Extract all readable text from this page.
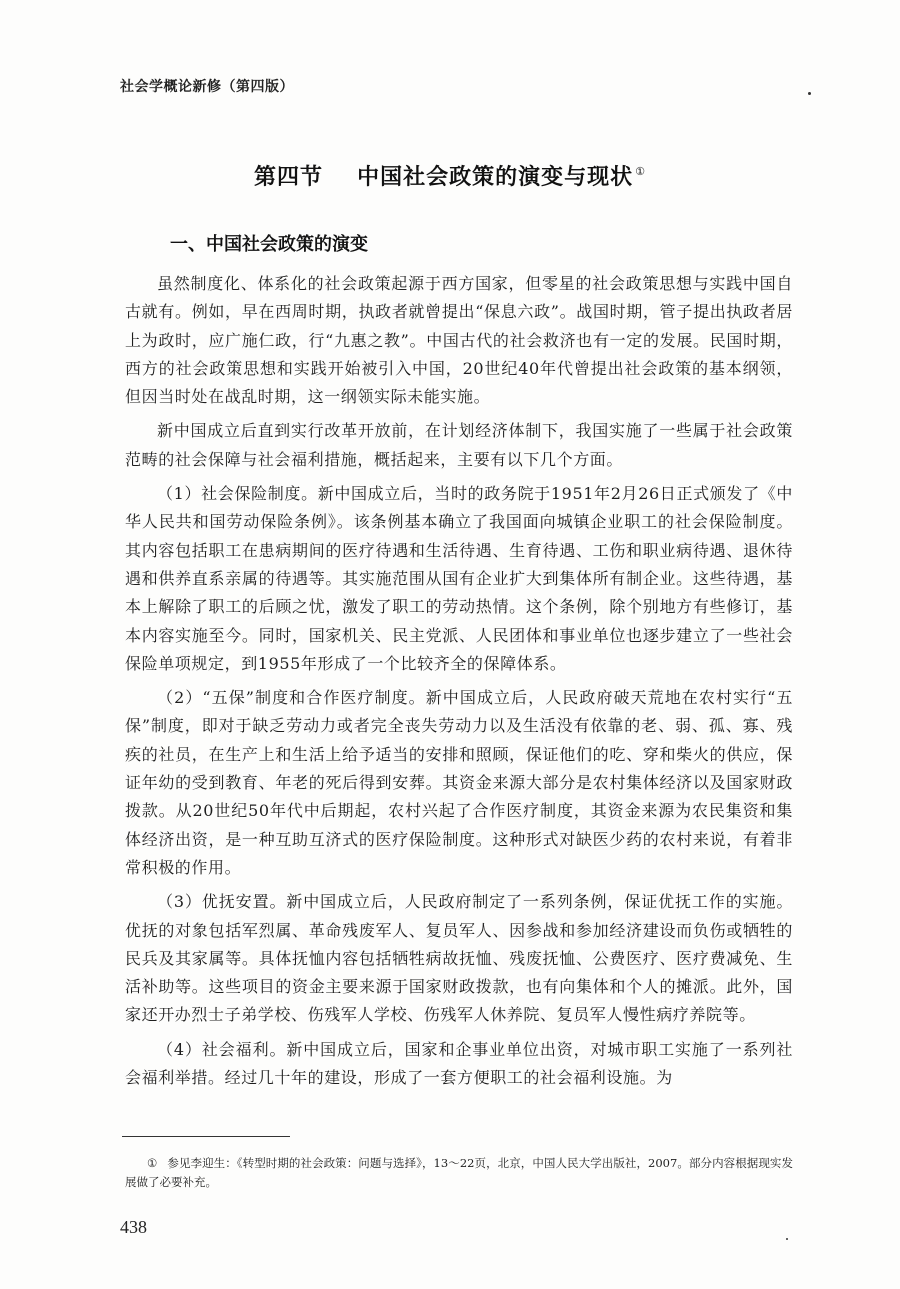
社会学概论新修（第四版）
第四节 中国社会政策的演变与现状 ①
一、中国社会政策的演变

虽然制度化、体系化的社会政策起源于西方国家，但零星的社会政策思想与实践中国自古就有。例如，早在西周时期，执政者就曾提出“保息六政”。战国时期，管子提出执政者居上为政时，应广施仁政，行“九惠之教”。中国古代的社会救济也有一定的发展。民国时期，西方的社会政策思想和实践开始被引入中国，20世纪40年代曾提出社会政策的基本纲领，但因当时处在战乱时期，这一纲领实际未能实施。

新中国成立后直到实行改革开放前，在计划经济体制下，我国实施了一些属于社会政策范畴的社会保障与社会福利措施，概括起来，主要有以下几个方面。

（1）社会保险制度。新中国成立后，当时的政务院于1951年2月26日正式颁发了《中华人民共和国劳动保险条例》。该条例基本确立了我国面向城镇企业职工的社会保险制度。其内容包括职工在患病期间的医疗待遇和生活待遇、生育待遇、工伤和职业病待遇、退休待遇和供养直系亲属的待遇等。其实施范围从国有企业扩大到集体所有制企业。这些待遇，基本上解除了职工的后顾之忧，激发了职工的劳动热情。这个条例，除个别地方有些修订，基本内容实施至今。同时，国家机关、民主党派、人民团体和事业单位也逐步建立了一些社会保险单项规定，到1955年形成了一个比较齐全的保障体系。

（2）“五保”制度和合作医疗制度。新中国成立后，人民政府破天荒地在农村实行“五保”制度，即对于缺乏劳动力或者完全丧失劳动力以及生活没有依靠的老、弱、孤、寡、残疾的社员，在生产上和生活上给予适当的安排和照顾，保证他们的吃、穿和柴火的供应，保证年幼的受到教育、年老的死后得到安葬。其资金来源大部分是农村集体经济以及国家财政拨款。从20世纪50年代中后期起，农村兴起了合作医疗制度，其资金来源为农民集资和集体经济出资，是一种互助互济式的医疗保险制度。这种形式对缺医少药的农村来说，有着非常积极的作用。

（3）优抚安置。新中国成立后，人民政府制定了一系列条例，保证优抚工作的实施。优抚的对象包括军烈属、革命残废军人、复员军人、因参战和参加经济建设而负伤或牺牲的民兵及其家属等。具体抚恤内容包括牺牲病故抚恤、残废抚恤、公费医疗、医疗费减免、生活补助等。这些项目的资金主要来源于国家财政拨款，也有向集体和个人的摊派。此外，国家还开办烈士子弟学校、伤残军人学校、伤残军人休养院、复员军人慢性病疗养院等。

（4）社会福利。新中国成立后，国家和企事业单位出资，对城市职工实施了一系列社会福利举措。经过几十年的建设，形成了一套方便职工的社会福利设施。为

① 参见李迎生：《转型时期的社会政策：问题与选择》，13～22页，北京，中国人民大学出版社，2007。部分内容根据现实发展做了必要补充。
438
